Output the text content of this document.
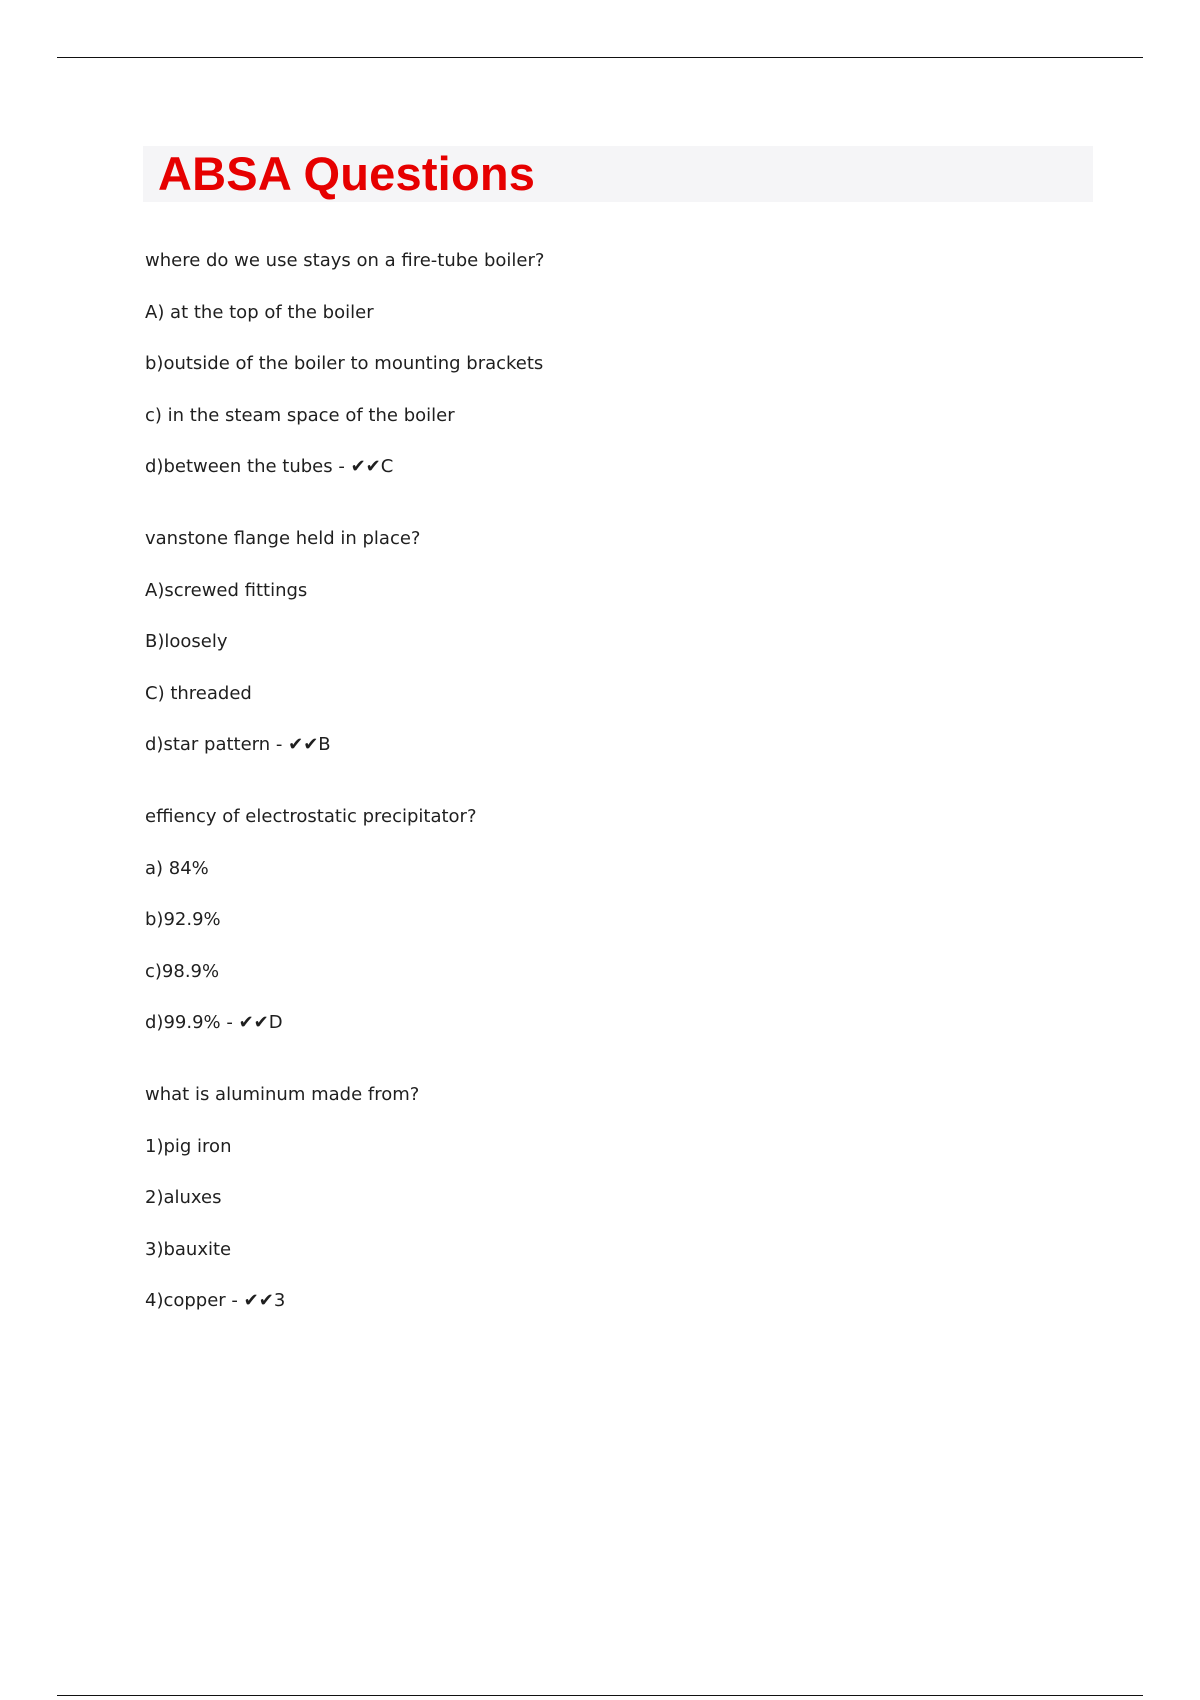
ABSA Questions
where do we use stays on a fire-tube boiler?
A) at the top of the boiler
b)outside of the boiler to mounting brackets
c) in the steam space of the boiler
d)between the tubes - ✔✔C
vanstone flange held in place?
A)screwed fittings
B)loosely
C) threaded
d)star pattern - ✔✔B
effiency of electrostatic precipitator?
a) 84%
b)92.9%
c)98.9%
d)99.9% - ✔✔D
what is aluminum made from?
1)pig iron
2)aluxes
3)bauxite
4)copper - ✔✔3
